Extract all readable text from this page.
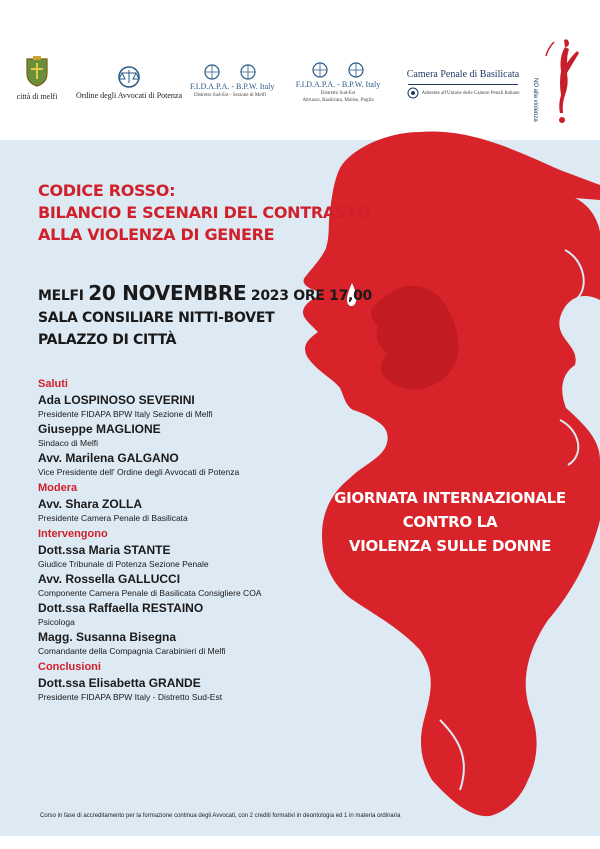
città di melfi	Ordine degli Avvocati di Potenza
F.I.D.A.P.A. - B.P.W. Italy
Distretto Sud-Est - Sezione di Melfi
F.I.D.A.P.A. - B.P.W. Italy
Distretto Sud-Est
Abruzzo, Basilicata, Molise, Puglia
Camera Penale di Basilicata
Aderente all'Unione delle Camere Penali Italiane NO alla violenza
CODICE ROSSO:
BILANCIO E SCENARI DEL CONTRASTO
ALLA VIOLENZA DI GENERE
MELFI 20 NOVEMBRE 2023 ORE 17,00
SALA CONSILIARE NITTI-BOVET
PALAZZO DI CITTÀ
Saluti
Ada LOSPINOSO SEVERINI
Presidente FIDAPA BPW Italy Sezione di Melfi
Giuseppe MAGLIONE
Sindaco di Melfi
Avv. Marilena GALGANO
Vice Presidente dell' Ordine degli Avvocati di Potenza
Modera
Avv. Shara ZOLLA
Presidente Camera Penale di Basilicata
Intervengono
Dott.ssa Maria STANTE
Giudice Tribunale di Potenza Sezione Penale
Avv. Rossella GALLUCCI
Componente Camera Penale di Basilicata Consigliere COA
Dott.ssa Raffaella RESTAINO
Psicologa
Magg. Susanna Bisegna
Comandante della Compagnia Carabinieri di Melfi
Conclusioni
Dott.ssa Elisabetta GRANDE
Presidente FIDAPA BPW Italy - Distretto Sud-Est
GIORNATA INTERNAZIONALE
CONTRO LA
VIOLENZA SULLE DONNE
Corso in fase di accreditamento per la formazione continua degli Avvocati, con 2 crediti formativi in deontologia ed 1 in materia ordinaria
